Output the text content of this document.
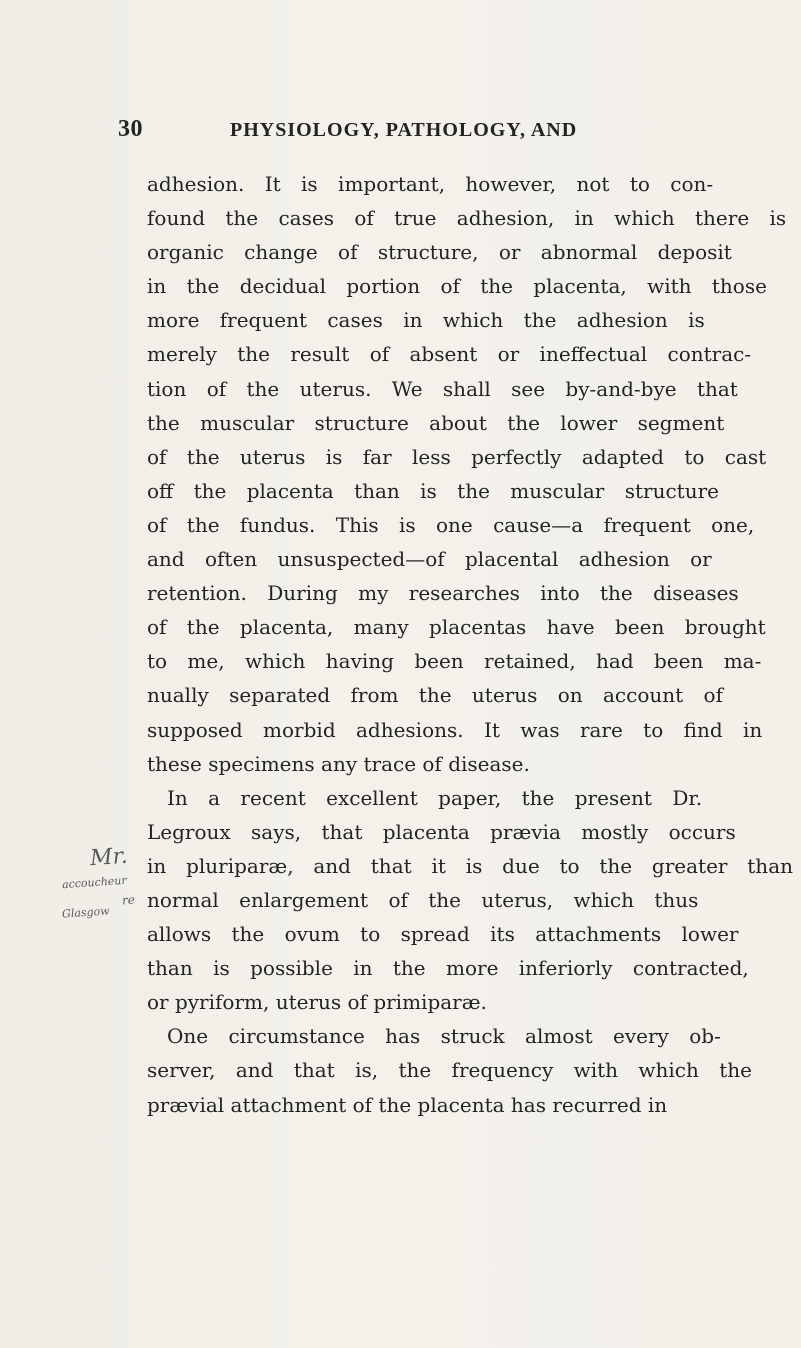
30	PHYSIOLOGY, PATHOLOGY, AND
adhesion. It is important, however, not to con-
found the cases of true adhesion, in which there is
organic change of structure, or abnormal deposit
in the decidual portion of the placenta, with those
more frequent cases in which the adhesion is
merely the result of absent or ineffectual contrac-
tion of the uterus. We shall see by-and-bye that
the muscular structure about the lower segment
of the uterus is far less perfectly adapted to cast
off the placenta than is the muscular structure
of the fundus. This is one cause—a frequent one,
and often unsuspected—of placental adhesion or
retention. During my researches into the diseases
of the placenta, many placentas have been brought
to me, which having been retained, had been ma-
nually separated from the uterus on account of
supposed morbid adhesions. It was rare to find in
these specimens any trace of disease.
 In a recent excellent paper, the present Dr.
Legroux says, that placenta prævia mostly occurs
in pluripаræ, and that it is due to the greater than
normal enlargement of the uterus, which thus
allows the ovum to spread its attachments lower
than is possible in the more inferiorly contracted,
or pyriform, uterus of primiparæ.
 One circumstance has struck almost every ob-
server, and that is, the frequency with which the
prævial attachment of the placenta has recurred in
Mr.
accoucheur
re
Glasgow
